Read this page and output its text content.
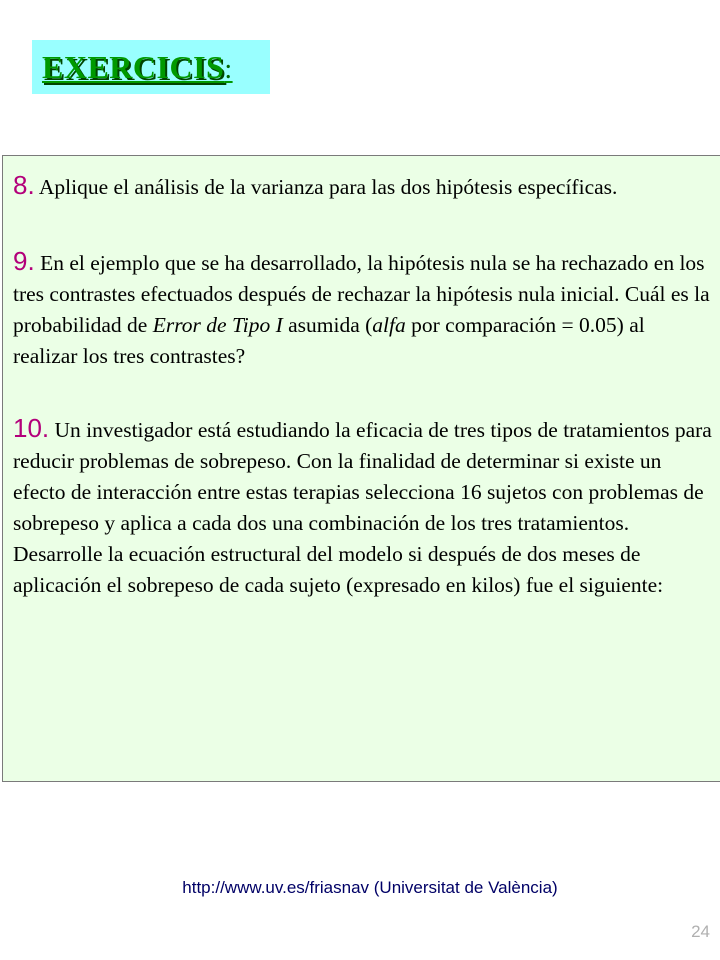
EXERCICIS:

8. Aplique el análisis de la varianza para las dos hipótesis específicas.

9. En el ejemplo que se ha desarrollado, la hipótesis nula se ha rechazado en los tres contrastes efectuados después de rechazar la hipótesis nula inicial. Cuál es la probabilidad de Error de Tipo I asumida (alfa por comparación = 0.05) al realizar los tres contrastes?

10. Un investigador está estudiando la eficacia de tres tipos de tratamientos para reducir problemas de sobrepeso. Con la finalidad de determinar si existe un efecto de interacción entre estas terapias selecciona 16 sujetos con problemas de sobrepeso y aplica a cada dos una combinación de los tres tratamientos. Desarrolle la ecuación estructural del modelo si después de dos meses de aplicación el sobrepeso de cada sujeto (expresado en kilos) fue el siguiente:

http://www.uv.es/friasnav (Universitat de València)
24
